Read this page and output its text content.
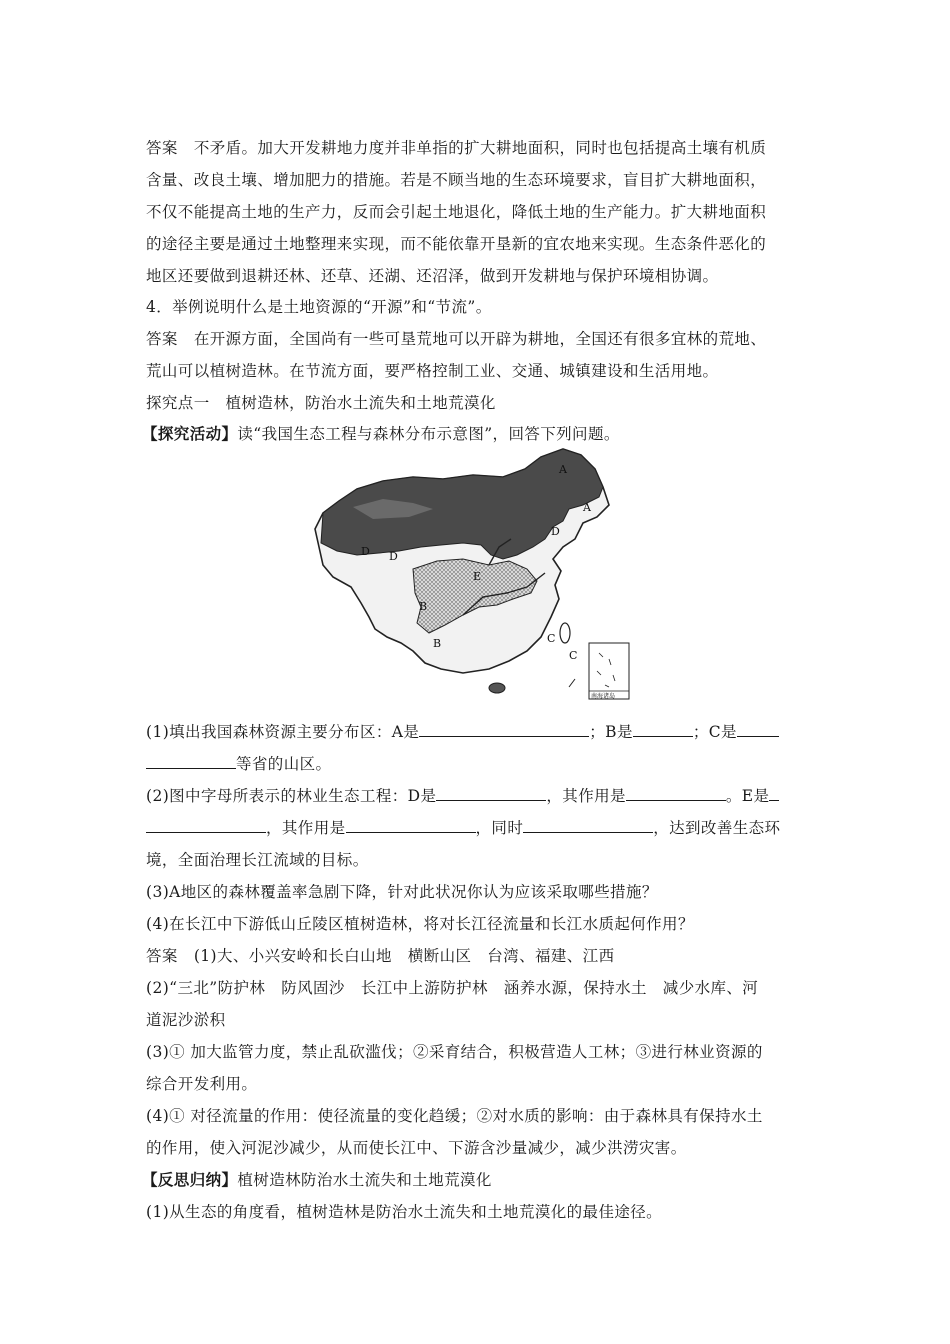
答案 不矛盾。加大开发耕地力度并非单指的扩大耕地面积，同时也包括提高土壤有机质
含量、改良土壤、增加肥力的措施。若是不顾当地的生态环境要求，盲目扩大耕地面积，
不仅不能提高土地的生产力，反而会引起土地退化，降低土地的生产能力。扩大耕地面积
的途径主要是通过土地整理来实现，而不能依靠开垦新的宜农地来实现。生态条件恶化的
地区还要做到退耕还林、还草、还湖、还沼泽，做到开发耕地与保护环境相协调。
4．举例说明什么是土地资源的“开源”和“节流”。
答案 在开源方面，全国尚有一些可垦荒地可以开辟为耕地，全国还有很多宜林的荒地、
荒山可以植树造林。在节流方面，要严格控制工业、交通、城镇建设和生活用地。
探究点一　植树造林，防治水土流失和土地荒漠化
【探究活动】读“我国生态工程与森林分布示意图”，回答下列问题。
A
A
D
D D
B
B
E
C
C
南海诸岛
(1)填出我国森林资源主要分布区：A是	；B是	；C是
等省的山区。
(2)图中字母所表示的林业生态工程：D是	，其作用是	。E是
，其作用是	，同时	，达到改善生态环
境，全面治理长江流域的目标。
(3)A地区的森林覆盖率急剧下降，针对此状况你认为应该采取哪些措施？
(4)在长江中下游低山丘陵区植树造林，将对长江径流量和长江水质起何作用？
答案 (1)大、小兴安岭和长白山地　横断山区　台湾、福建、江西
(2)“三北”防护林　防风固沙　长江中上游防护林　涵养水源，保持水土　减少水库、河
道泥沙淤积
(3)① 加大监管力度，禁止乱砍滥伐；②采育结合，积极营造人工林；③进行林业资源的
综合开发利用。
(4)① 对径流量的作用：使径流量的变化趋缓；②对水质的影响：由于森林具有保持水土
的作用，使入河泥沙减少，从而使长江中、下游含沙量减少，减少洪涝灾害。
【反思归纳】植树造林防治水土流失和土地荒漠化
(1)从生态的角度看，植树造林是防治水土流失和土地荒漠化的最佳途径。
